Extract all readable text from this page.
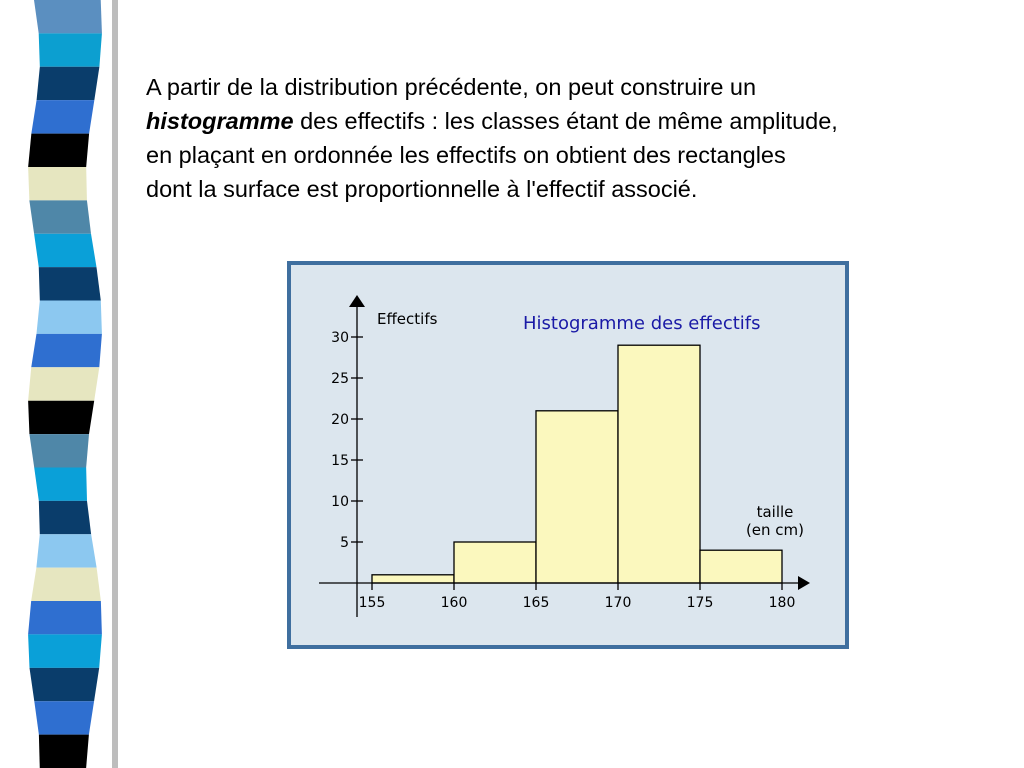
A partir de la distribution précédente, on peut construire un
histogramme des effectifs : les classes étant de même amplitude,
en plaçant en ordonnée les effectifs on obtient des rectangles
dont la surface est proportionnelle à l'effectif associé.

5
10
15
20
25
30
155	160	165	170	175	180
Effectifs	Histogramme des effectifs
taille
(en cm)
